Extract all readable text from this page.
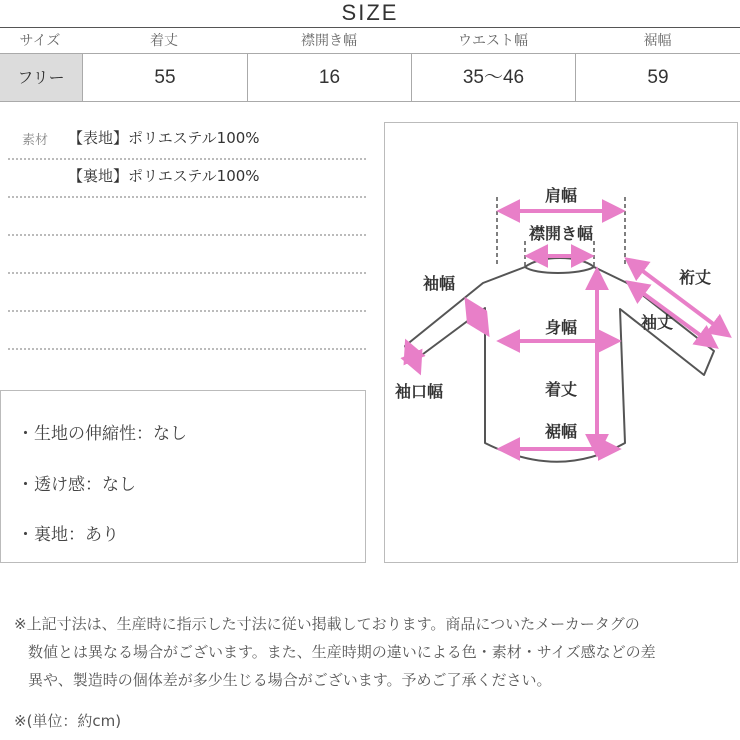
SIZE
サイズ	着丈	襟開き幅	ウエスト幅	裾幅
フリー	55	16	35〜46	59
素材 【表地】ポリエステル100%
【裏地】ポリエステル100%
・生地の伸縮性：なし
・透け感：なし
・裏地：あり
肩幅
襟開き幅
裄丈
袖幅
袖丈
身幅
袖口幅	着丈
裾幅

※上記寸法は、生産時に指示した寸法に従い掲載しております。商品についたメーカータグの

数値とは異なる場合がございます。また、生産時期の違いによる色・素材・サイズ感などの差

異や、製造時の個体差が多少生じる場合がございます。予めご了承ください。

※(単位：約cm)
